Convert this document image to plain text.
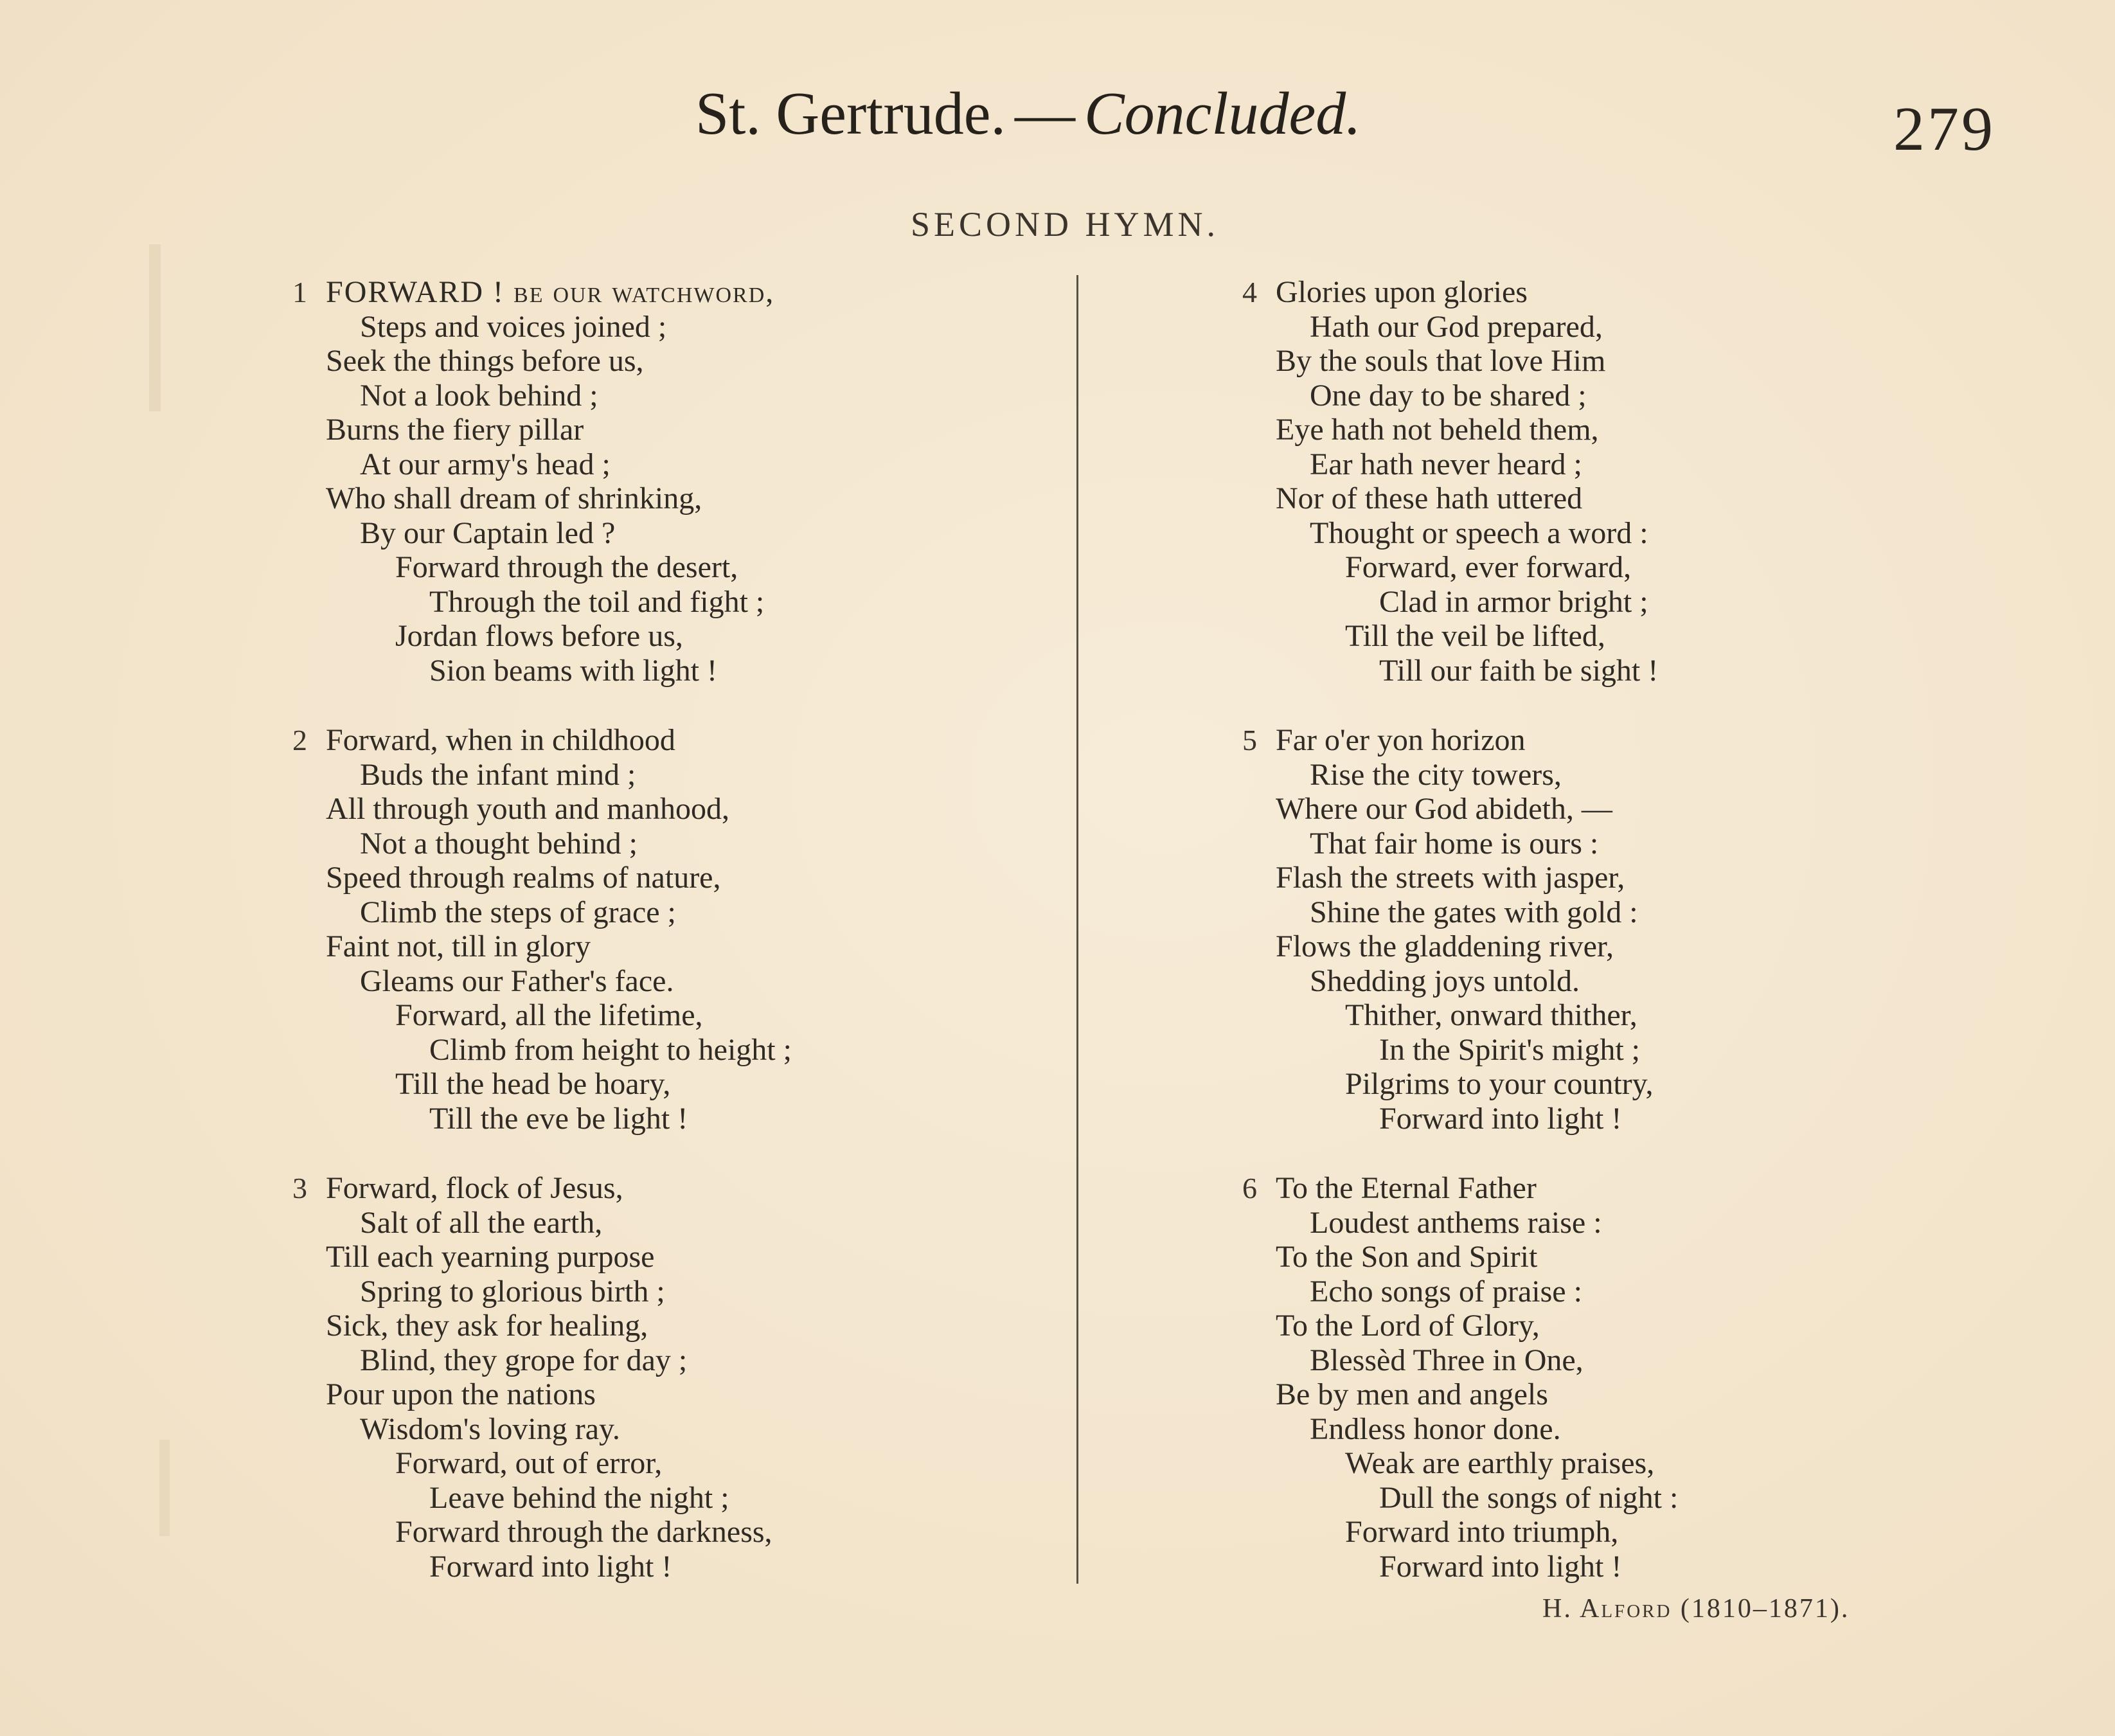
St. Gertrude. — Concluded.	279
SECOND HYMN.
1 FORWARD ! be our watchword,
Steps and voices joined ;
Seek the things before us,
Not a look behind ;
Burns the fiery pillar
At our army's head ;
Who shall dream of shrinking,
By our Captain led ?
Forward through the desert,
Through the toil and fight ;
Jordan flows before us,
Sion beams with light !
2 Forward, when in childhood
Buds the infant mind ;
All through youth and manhood,
Not a thought behind ;
Speed through realms of nature,
Climb the steps of grace ;
Faint not, till in glory
Gleams our Father's face.
Forward, all the lifetime,
Climb from height to height ;
Till the head be hoary,
Till the eve be light !
3 Forward, flock of Jesus,
Salt of all the earth,
Till each yearning purpose
Spring to glorious birth ;
Sick, they ask for healing,
Blind, they grope for day ;
Pour upon the nations
Wisdom's loving ray.
Forward, out of error,
Leave behind the night ;
Forward through the darkness,
Forward into light !
4 Glories upon glories
Hath our God prepared,
By the souls that love Him
One day to be shared ;
Eye hath not beheld them,
Ear hath never heard ;
Nor of these hath uttered
Thought or speech a word :
Forward, ever forward,
Clad in armor bright ;
Till the veil be lifted,
Till our faith be sight !
5 Far o'er yon horizon
Rise the city towers,
Where our God abideth, —
That fair home is ours :
Flash the streets with jasper,
Shine the gates with gold :
Flows the gladdening river,
Shedding joys untold.
Thither, onward thither,
In the Spirit's might ;
Pilgrims to your country,
Forward into light !
6 To the Eternal Father
Loudest anthems raise :
To the Son and Spirit
Echo songs of praise :
To the Lord of Glory,
Blessèd Three in One,
Be by men and angels
Endless honor done.
Weak are earthly praises,
Dull the songs of night :
Forward into triumph,
Forward into light !
H. Alford (1810–1871).
